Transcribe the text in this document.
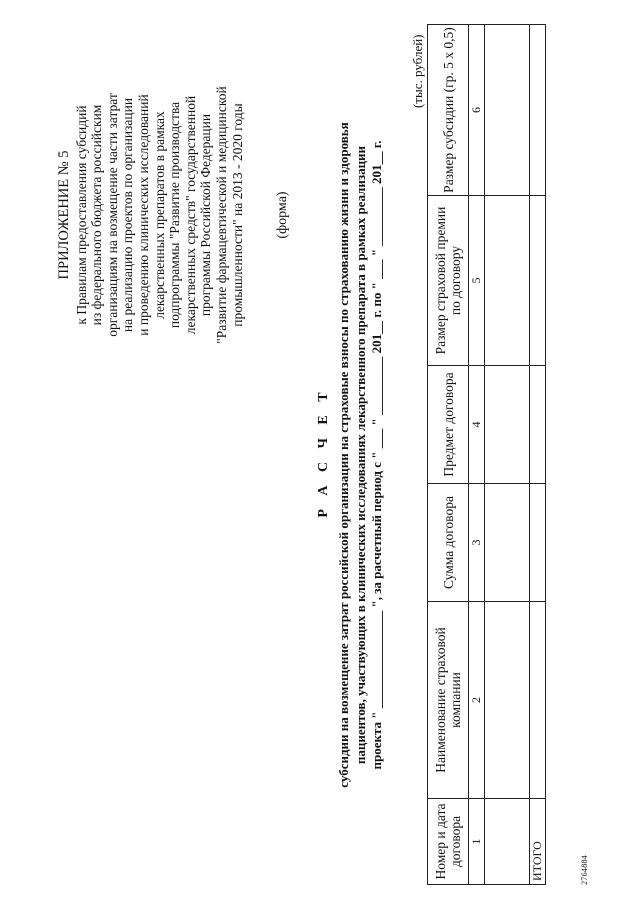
ПРИЛОЖЕНИЕ № 5 к Правилам предоставления субсидий из федерального бюджета российским организациям на возмещение части затрат на реализацию проектов по организации и проведению клинических исследований лекарственных препаратов в рамках подпрограммы "Развитие производства лекарственных средств" государственной программы Российской Федерации "Развитие фармацевтической и медицинской промышленности" на 2013 - 2020 годы (форма)
Р А С Ч Е Т субсидии на возмещение затрат российской организации на страховые взносы по страхованию жизни и здоровья пациентов, участвующих в клинических исследованиях лекарственного препарата в рамках реализации проекта " _______________ ", за расчетный период с " ___ " _________ 201__ г. по " ___ " _________ 201__ г.
(тыс. рублей)
Номер и дата договора	Наименование страховой компании	Сумма договора	Предмет договора	Размер страховой премии по договору	Размер субсидии (гр. 5 х 0,5)
1	2	3	4	5	6

ИТОГО						2764884
